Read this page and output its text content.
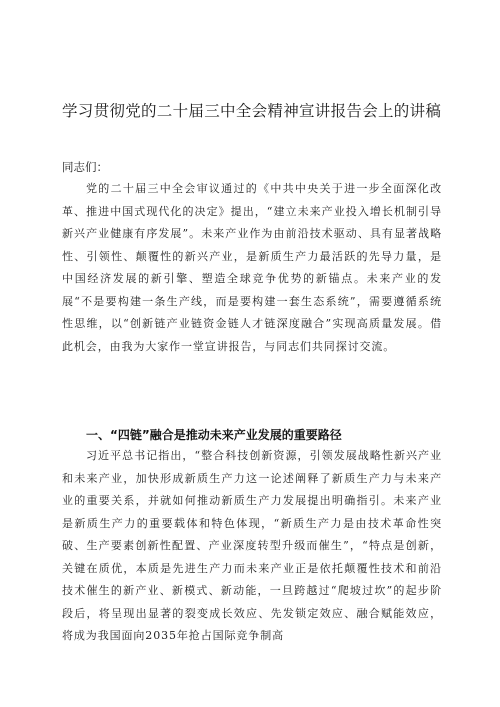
学习贯彻党的二十届三中全会精神宣讲报告会上的讲稿
同志们：

党的二十届三中全会审议通过的《中共中央关于进一步全面深化改革、推进中国式现代化的决定》提出，“建立未来产业投入增长机制引导新兴产业健康有序发展”。未来产业作为由前沿技术驱动、具有显著战略性、引领性、颠覆性的新兴产业，是新质生产力最活跃的先导力量，是中国经济发展的新引擎、塑造全球竞争优势的新锚点。未来产业的发展“不是要构建一条生产线，而是要构建一套生态系统”，需要遵循系统性思维，以“创新链产业链资金链人才链深度融合”实现高质量发展。借此机会，由我为大家作一堂宣讲报告，与同志们共同探讨交流。

一、“四链”融合是推动未来产业发展的重要路径

习近平总书记指出，“整合科技创新资源，引领发展战略性新兴产业和未来产业，加快形成新质生产力这一论述阐释了新质生产力与未来产业的重要关系，并就如何推动新质生产力发展提出明确指引。未来产业是新质生产力的重要载体和特色体现，“新质生产力是由技术革命性突破、生产要素创新性配置、产业深度转型升级而催生”，“特点是创新，关键在质优，本质是先进生产力而未来产业正是依托颠覆性技术和前沿技术催生的新产业、新模式、新动能，一旦跨越过“爬坡过坎”的起步阶段后，将呈现出显著的裂变成长效应、先发锁定效应、融合赋能效应，将成为我国面向2035年抢占国际竞争制高
